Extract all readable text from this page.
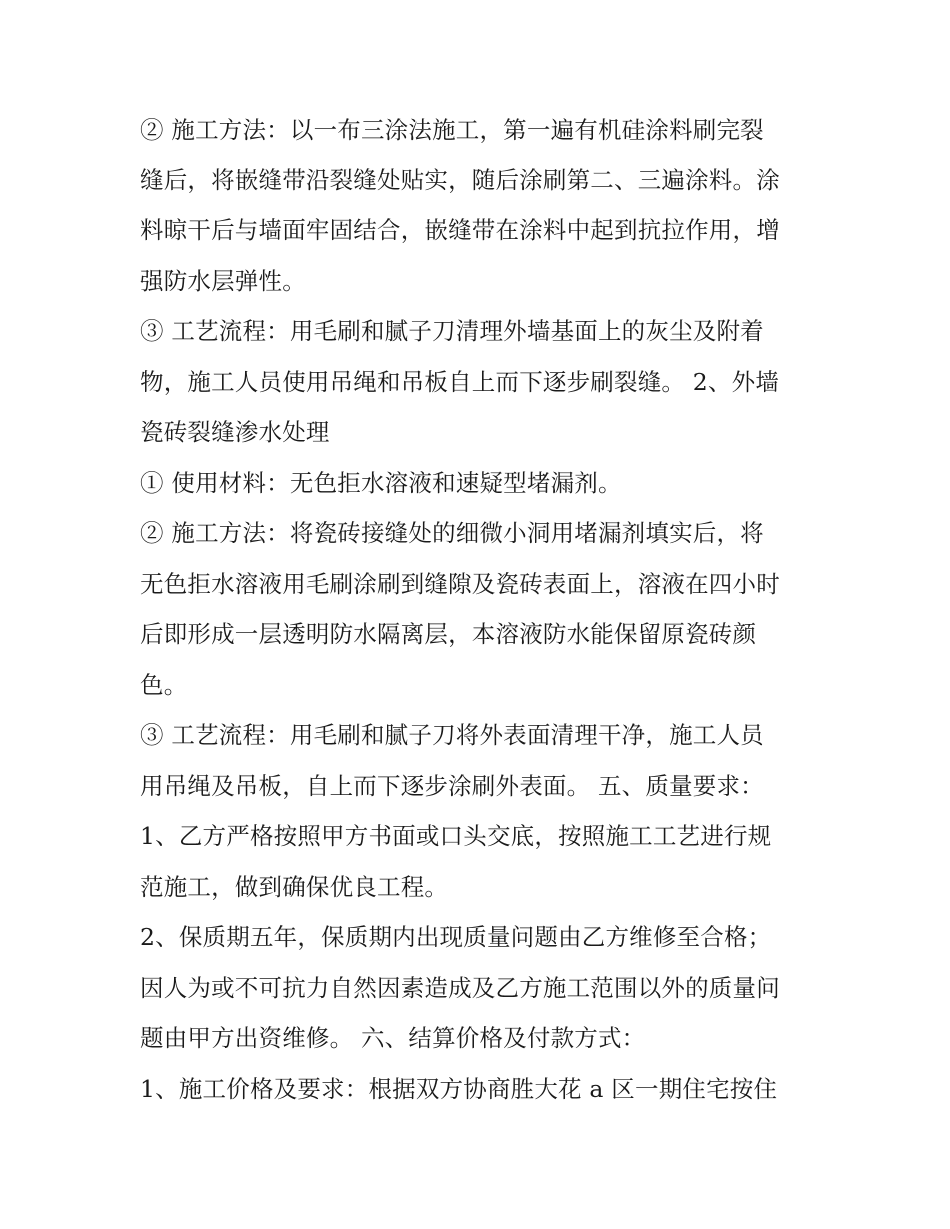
② 施工方法：以一布三涂法施工，第一遍有机硅涂料刷完裂
缝后，将嵌缝带沿裂缝处贴实，随后涂刷第二、三遍涂料。涂
料晾干后与墙面牢固结合，嵌缝带在涂料中起到抗拉作用，增
强防水层弹性。
③ 工艺流程：用毛刷和腻子刀清理外墙基面上的灰尘及附着
物，施工人员使用吊绳和吊板自上而下逐步刷裂缝。 2、外墙
瓷砖裂缝渗水处理
① 使用材料：无色拒水溶液和速疑型堵漏剂。
② 施工方法：将瓷砖接缝处的细微小洞用堵漏剂填实后，将
无色拒水溶液用毛刷涂刷到缝隙及瓷砖表面上，溶液在四小时
后即形成一层透明防水隔离层，本溶液防水能保留原瓷砖颜
色。
③ 工艺流程：用毛刷和腻子刀将外表面清理干净，施工人员
用吊绳及吊板，自上而下逐步涂刷外表面。 五、质量要求：
1、乙方严格按照甲方书面或口头交底，按照施工工艺进行规
范施工，做到确保优良工程。
2、保质期五年，保质期内出现质量问题由乙方维修至合格；
因人为或不可抗力自然因素造成及乙方施工范围以外的质量问
题由甲方出资维修。 六、结算价格及付款方式：
1、施工价格及要求：根据双方协商胜大花 a 区一期住宅按住
